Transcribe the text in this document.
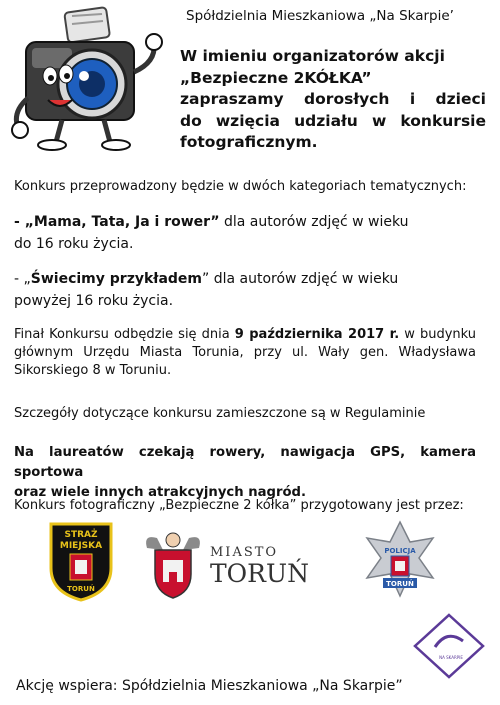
Spółdzielnia Mieszkaniowa „Na Skarpie’
W imieniu organizatorów akcji
„Bezpieczne 2KÓŁKA”
zapraszamy dorosłych i dzieci
do wzięcia udziału w konkursie
fotograficznym.
Konkurs przeprowadzony będzie w dwóch kategoriach tematycznych:
- „Mama, Tata, Ja i rower” dla autorów zdjęć w wieku
do 16 roku życia.
- „Świecimy przykładem” dla autorów zdjęć w wieku
powyżej 16 roku życia.
Finał Konkursu odbędzie się dnia 9 października 2017 r. w budynku
głównym Urzędu Miasta Torunia, przy ul. Wały gen. Władysława
Sikorskiego 8 w Toruniu.
Szczegóły dotyczące konkursu zamieszczone są w Regulaminie
Na laureatów czekają rowery, nawigacja GPS, kamera sportowa
oraz wiele innych atrakcyjnych nagród.
Konkurs fotograficzny „Bezpieczne 2 kółka” przygotowany jest przez:
STRAŻ
MIEJSKA
TORUŃ
MIASTO
TORUŃ
POLICJA
TORUŃ
NA SKARPIE
Akcję wspiera: Spółdzielnia Mieszkaniowa „Na Skarpie”
